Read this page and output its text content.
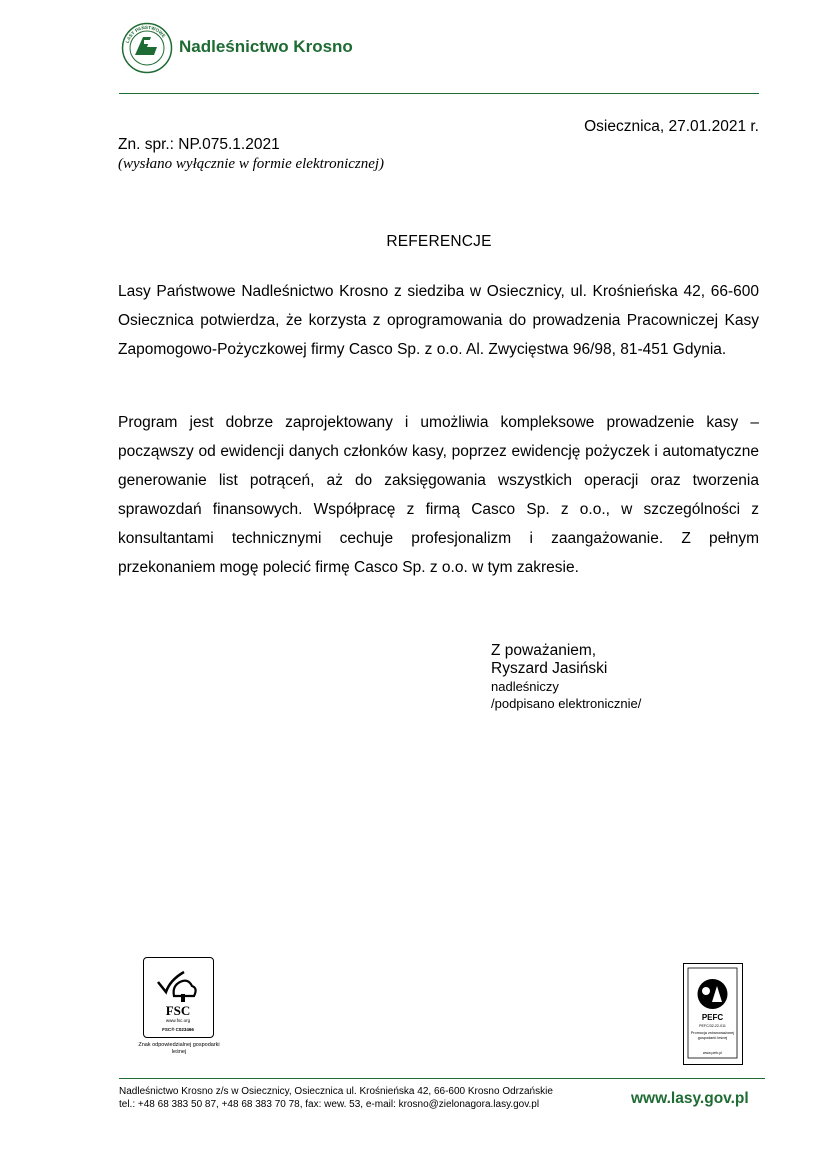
LASY PAŃSTWOWE
Nadleśnictwo Krosno
Osiecznica, 27.01.2021 r.
Zn. spr.: NP.075.1.2021
(wysłano wyłącznie w formie elektronicznej)
REFERENCJE
Lasy Państwowe Nadleśnictwo Krosno z siedziba w Osiecznicy, ul. Krośnieńska 42, 66-600 Osiecznica potwierdza, że korzysta z oprogramowania do prowadzenia Pracowniczej Kasy Zapomogowo-Pożyczkowej firmy Casco Sp. z o.o. Al. Zwycięstwa 96/98, 81-451 Gdynia.
Program jest dobrze zaprojektowany i umożliwia kompleksowe prowadzenie kasy – począwszy od ewidencji danych członków kasy, poprzez ewidencję pożyczek i automatyczne generowanie list potrąceń, aż do zaksięgowania wszystkich operacji oraz tworzenia sprawozdań finansowych. Współpracę z firmą Casco Sp. z o.o., w szczególności z konsultantami technicznymi cechuje profesjonalizm i zaangażowanie. Z pełnym przekonaniem mogę polecić firmę Casco Sp. z o.o. w tym zakresie.
Z poważaniem,
Ryszard Jasiński
nadleśniczy
/podpisano elektronicznie/
FSC
www.fsc.org
FSC® C023466
Znak odpowiedzialnej gospodarki leśnej
PEFC
PEFC/32-22-011
Promocja zrównoważonej gospodarki leśnej
www.pefc.pl
Nadleśnictwo Krosno z/s w Osiecznicy, Osiecznica ul. Krośnieńska 42, 66-600 Krosno Odrzańskie
tel.: +48 68 383 50 87, +48 68 383 70 78, fax: wew. 53, e-mail: krosno@zielonagora.lasy.gov.pl	www.lasy.gov.pl
